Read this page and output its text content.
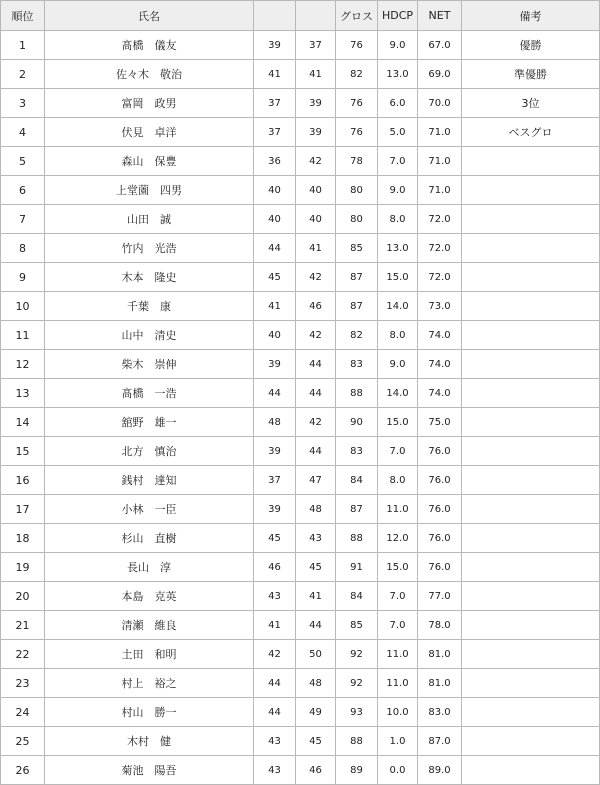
順位	氏名			グロス	HDCP	NET	備考
1	髙橋　儀友	39	37	76	9.0	67.0	優勝
2	佐々木　敬治	41	41	82	13.0	69.0	準優勝
3	富岡　政男	37	39	76	6.0	70.0	3位
4	伏見　卓洋	37	39	76	5.0	71.0	ベスグロ
5	森山　保豊	36	42	78	7.0	71.0	
6	上堂薗　四男	40	40	80	9.0	71.0	
7	山田　誠	40	40	80	8.0	72.0	
8	竹内　光浩	44	41	85	13.0	72.0	
9	木本　隆史	45	42	87	15.0	72.0	
10	千葉　康	41	46	87	14.0	73.0	
11	山中　清史	40	42	82	8.0	74.0	
12	柴木　崇伸	39	44	83	9.0	74.0	
13	髙橋　一浩	44	44	88	14.0	74.0	
14	舘野　雄一	48	42	90	15.0	75.0	
15	北方　慎治	39	44	83	7.0	76.0	
16	銭村　達知	37	47	84	8.0	76.0	
17	小林　一臣	39	48	87	11.0	76.0	
18	杉山　直樹	45	43	88	12.0	76.0	
19	長山　淳	46	45	91	15.0	76.0	
20	本島　克英	43	41	84	7.0	77.0	
21	清瀬　維良	41	44	85	7.0	78.0	
22	土田　和明	42	50	92	11.0	81.0	
23	村上　裕之	44	48	92	11.0	81.0	
24	村山　勝一	44	49	93	10.0	83.0	
25	木村　健	43	45	88	1.0	87.0	
26	菊池　陽吾	43	46	89	0.0	89.0	
